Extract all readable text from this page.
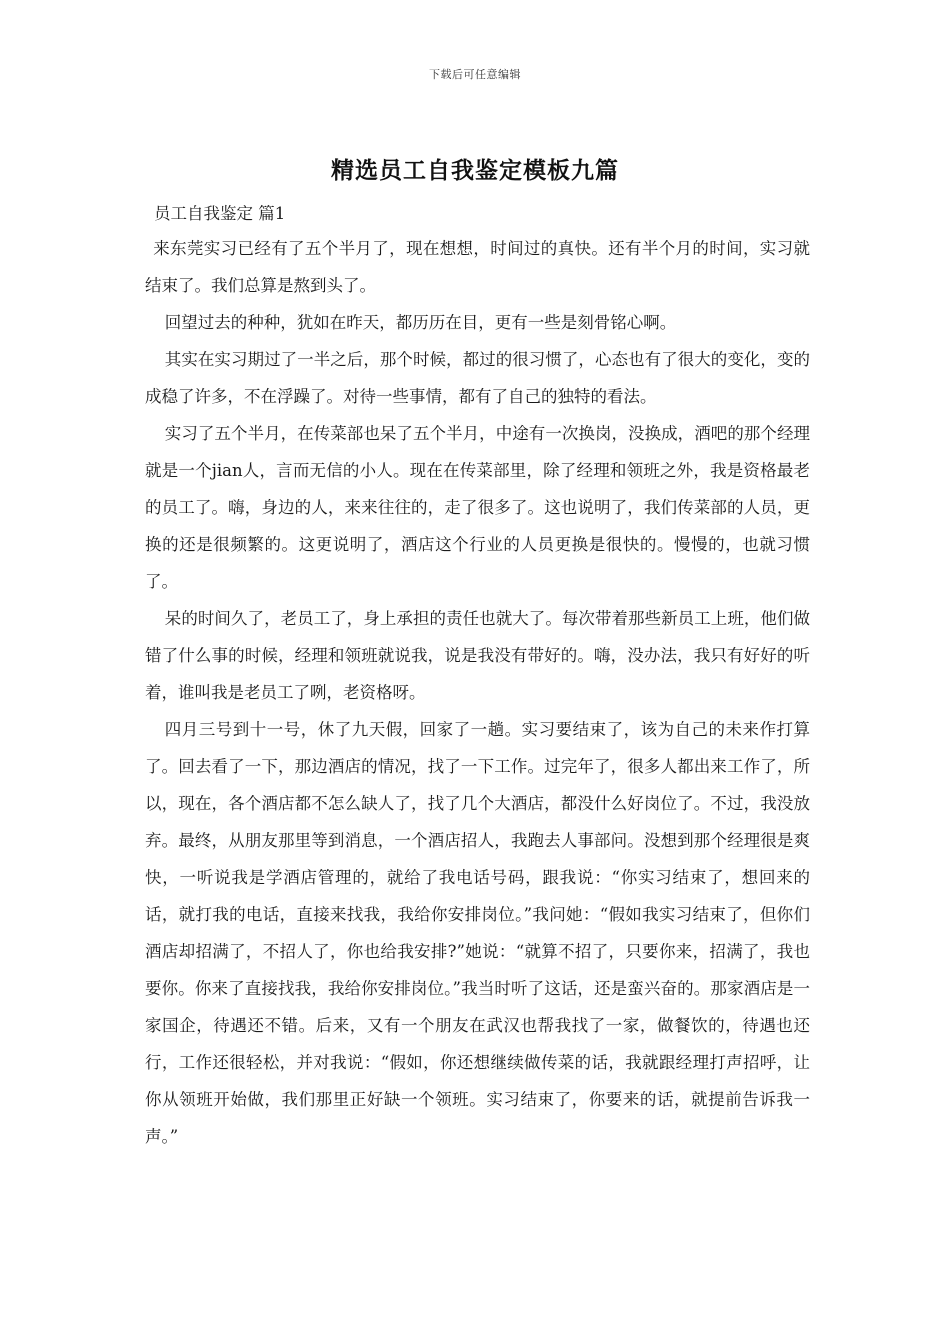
下载后可任意编辑
精选员工自我鉴定模板九篇
员工自我鉴定 篇1

来东莞实习已经有了五个半月了，现在想想，时间过的真快。还有半个月的时间，实习就结束了。我们总算是熬到头了。

回望过去的种种，犹如在昨天，都历历在目，更有一些是刻骨铭心啊。

其实在实习期过了一半之后，那个时候，都过的很习惯了，心态也有了很大的变化，变的成稳了许多，不在浮躁了。对待一些事情，都有了自己的独特的看法。

实习了五个半月，在传菜部也呆了五个半月，中途有一次换岗，没换成，酒吧的那个经理就是一个jian人，言而无信的小人。现在在传菜部里，除了经理和领班之外，我是资格最老的员工了。嗨，身边的人，来来往往的，走了很多了。这也说明了，我们传菜部的人员，更换的还是很频繁的。这更说明了，酒店这个行业的人员更换是很快的。慢慢的，也就习惯了。

呆的时间久了，老员工了，身上承担的责任也就大了。每次带着那些新员工上班，他们做错了什么事的时候，经理和领班就说我，说是我没有带好的。嗨，没办法，我只有好好的听着，谁叫我是老员工了咧，老资格呀。

四月三号到十一号，休了九天假，回家了一趟。实习要结束了，该为自己的未来作打算了。回去看了一下，那边酒店的情况，找了一下工作。过完年了，很多人都出来工作了，所以，现在，各个酒店都不怎么缺人了，找了几个大酒店，都没什么好岗位了。不过，我没放弃。最终，从朋友那里等到消息，一个酒店招人，我跑去人事部问。没想到那个经理很是爽快，一听说我是学酒店管理的，就给了我电话号码，跟我说：“你实习结束了，想回来的话，就打我的电话，直接来找我，我给你安排岗位。”我问她：“假如我实习结束了，但你们酒店却招满了，不招人了，你也给我安排?”她说：“就算不招了，只要你来，招满了，我也要你。你来了直接找我，我给你安排岗位。”我当时听了这话，还是蛮兴奋的。那家酒店是一家国企，待遇还不错。后来，又有一个朋友在武汉也帮我找了一家，做餐饮的，待遇也还行，工作还很轻松，并对我说：“假如，你还想继续做传菜的话，我就跟经理打声招呼，让你从领班开始做，我们那里正好缺一个领班。实习结束了，你要来的话，就提前告诉我一声。”
